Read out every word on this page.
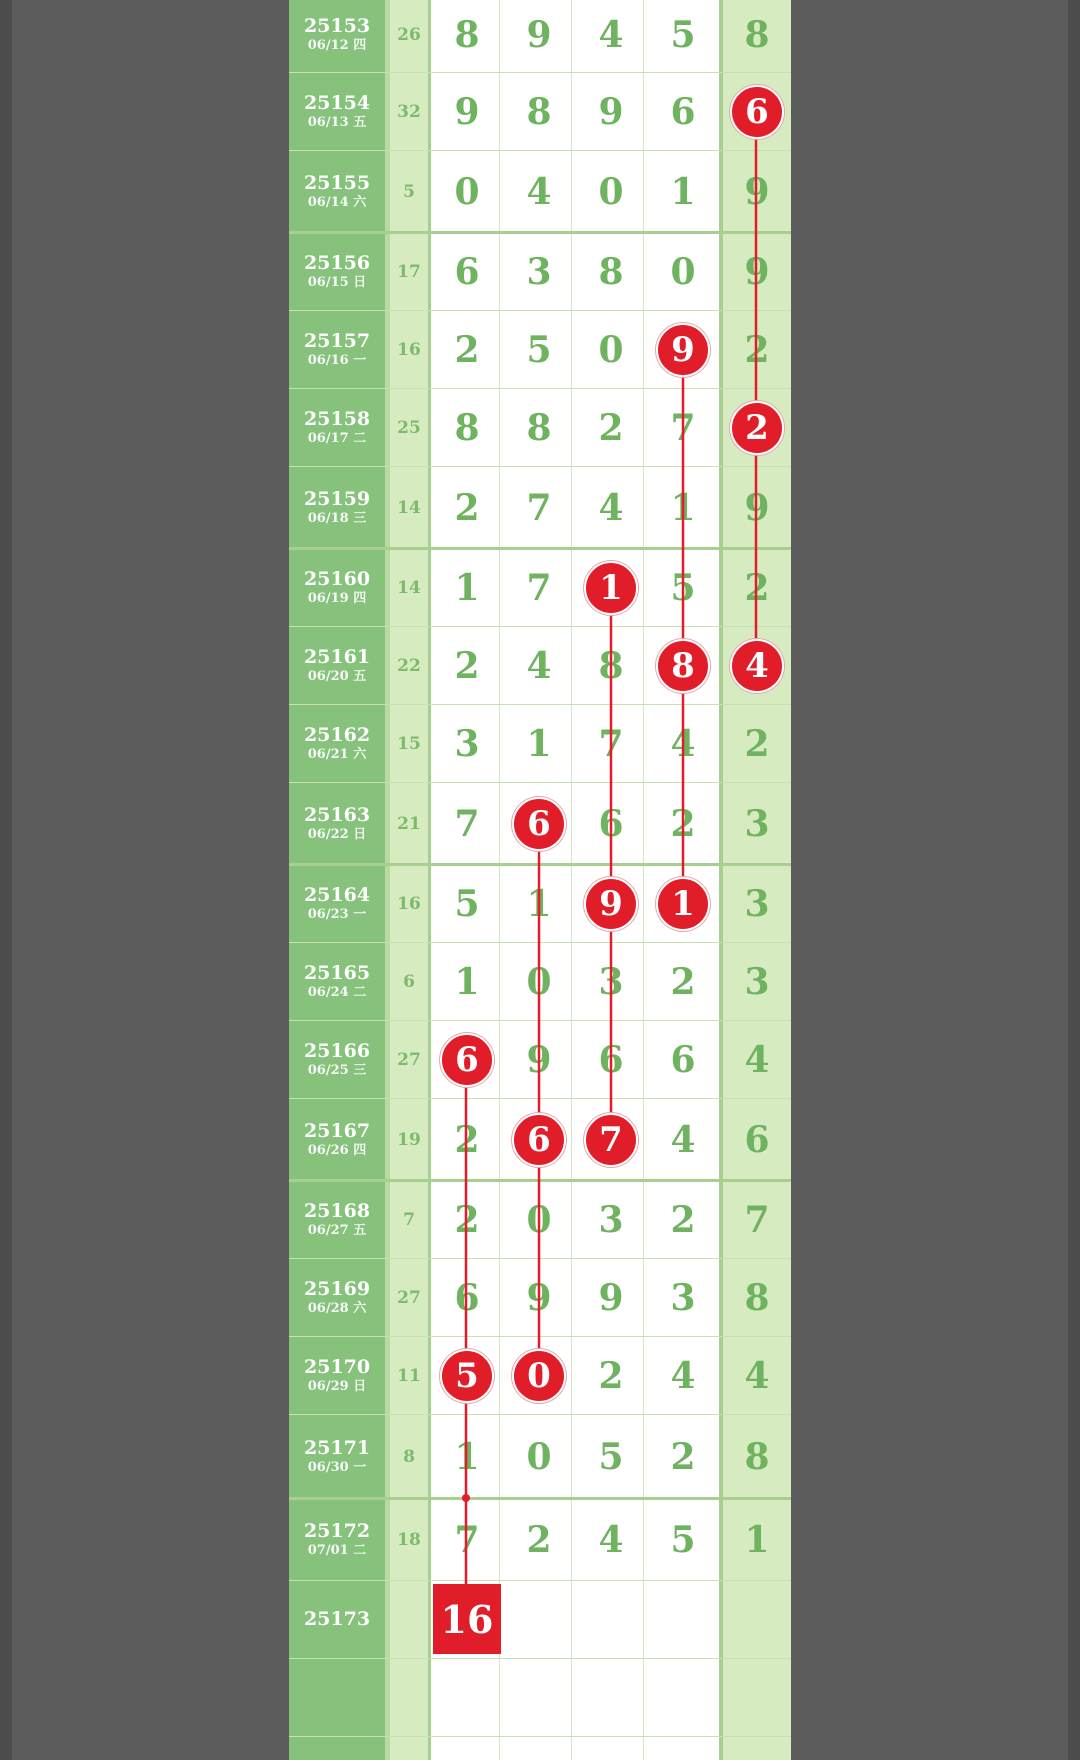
25153
06/12 四
26 8	9	4	5	8
25154
06/13 五
32 9	8	9	6	6
25155
06/14 六
5	0	4	0	1	9
25156
06/15 日
17 6	3	8	0	9
25157
06/16 一
16 2	5	0	9	2
25158
06/17 二
25 8	8	2	7	2
25159
06/18 三
14 2	7	4	1	9
25160
06/19 四
14 1	7	1	5	2
25161
06/20 五
22 2	4	8	8	4
25162
06/21 六
15 3	1	7	4	2
25163
06/22 日
21 7	6	6	2	3
25164
06/23 一
16 5	1	9	1	3
25165
06/24 二
6	1	0	3	2	3
25166
06/25 三
27	6	9	6	6	4
25167
06/26 四
19 2	6	7	4	6
25168
06/27 五
7	2	0	3	2	7
25169
06/28 六
27 6	9	9	3	8
25170
06/29 日
11	5	0	2	4	4
25171
06/30 一
8	1	0	5	2	8
25172
07/01 二
18 7	2	4	5	1
25173 16
